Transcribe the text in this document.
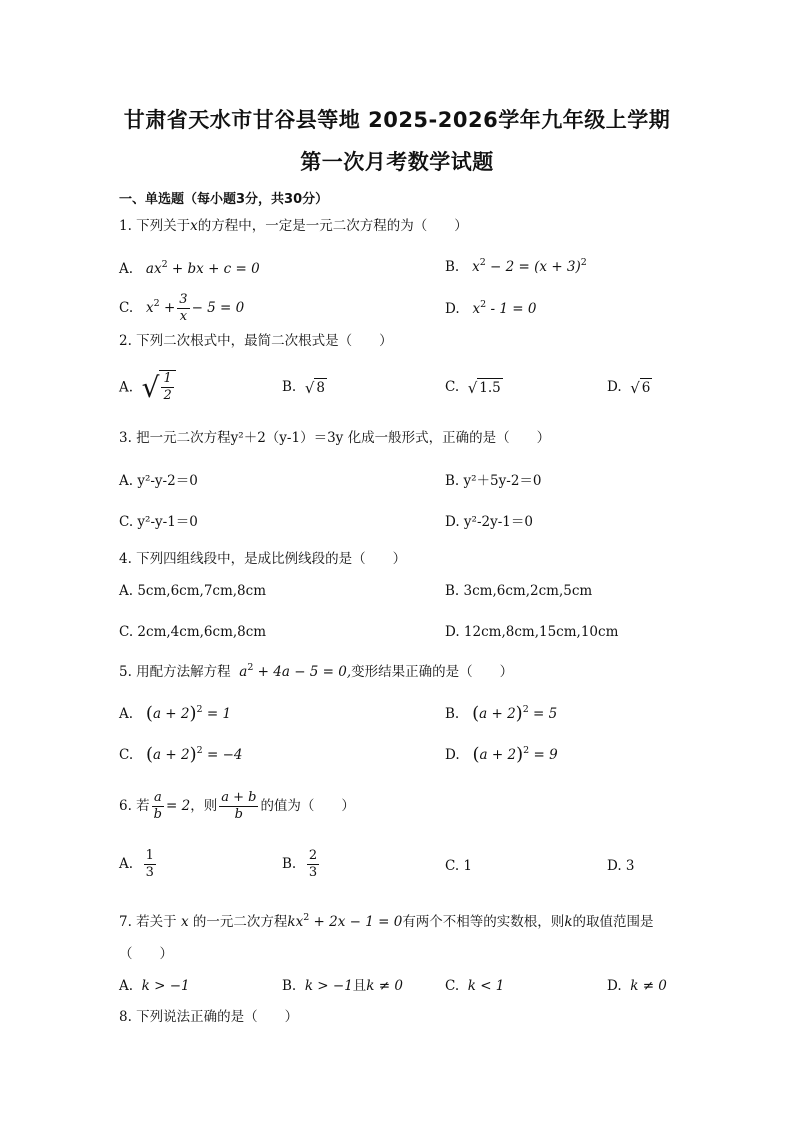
甘肃省天水市甘谷县等地 2025-2026学年九年级上学期
第一次月考数学试题
一、单选题（每小题3分，共30分）
1. 下列关于x的方程中，一定是一元二次方程的为（　　）
A. $ax^2$ + bx + c = 0	B. $x^2 - 2 = (x + 3)^2$
C. $x^2 + \frac{3}{x} - 5 = 0$	D. $x^2 - 1 = 0$
2. 下列二次根式中，最简二次根式是（　　）
A. √ $\frac{1}{2}$	B. √ 8	C. √ 1.5	D. √ 6
3. 把一元二次方程y²＋2（y-1）＝3y 化成一般形式，正确的是（　　）
A. y²-y-2＝0	B. y²＋5y-2＝0
C. y²-y-1＝0	D. y²-2y-1＝0
4. 下列四组线段中，是成比例线段的是（　　）
A. 5cm,6cm,7cm,8cm	B. 3cm,6cm,2cm,5cm
C. 2cm,4cm,6cm,8cm	D. 12cm,8cm,15cm,10cm
5. 用配方法解方程 $a^2 + 4a - 5 = 0$,变形结果正确的是（　　）
A. $(a + 2)^2 = 1$	B. $(a + 2)^2 = 5$
C. $(a + 2)^2 = -4$	D. $(a + 2)^2 = 9$
6. 若 $\frac{a}{b} = 2$，则 $\frac{a + b}{b}$ 的值为（　　）
A. $\frac{1}{3}$	B. $\frac{2}{3}$	C. 1	D. 3
7. 若关于 x 的一元二次方程$kx^2 + 2x - 1 = 0$有两个不相等的实数根，则k的取值范围是
（　　）
A. k > −1	B. k > −1且k ≠ 0	C. k < 1	D. k ≠ 0
8. 下列说法正确的是（　　）
